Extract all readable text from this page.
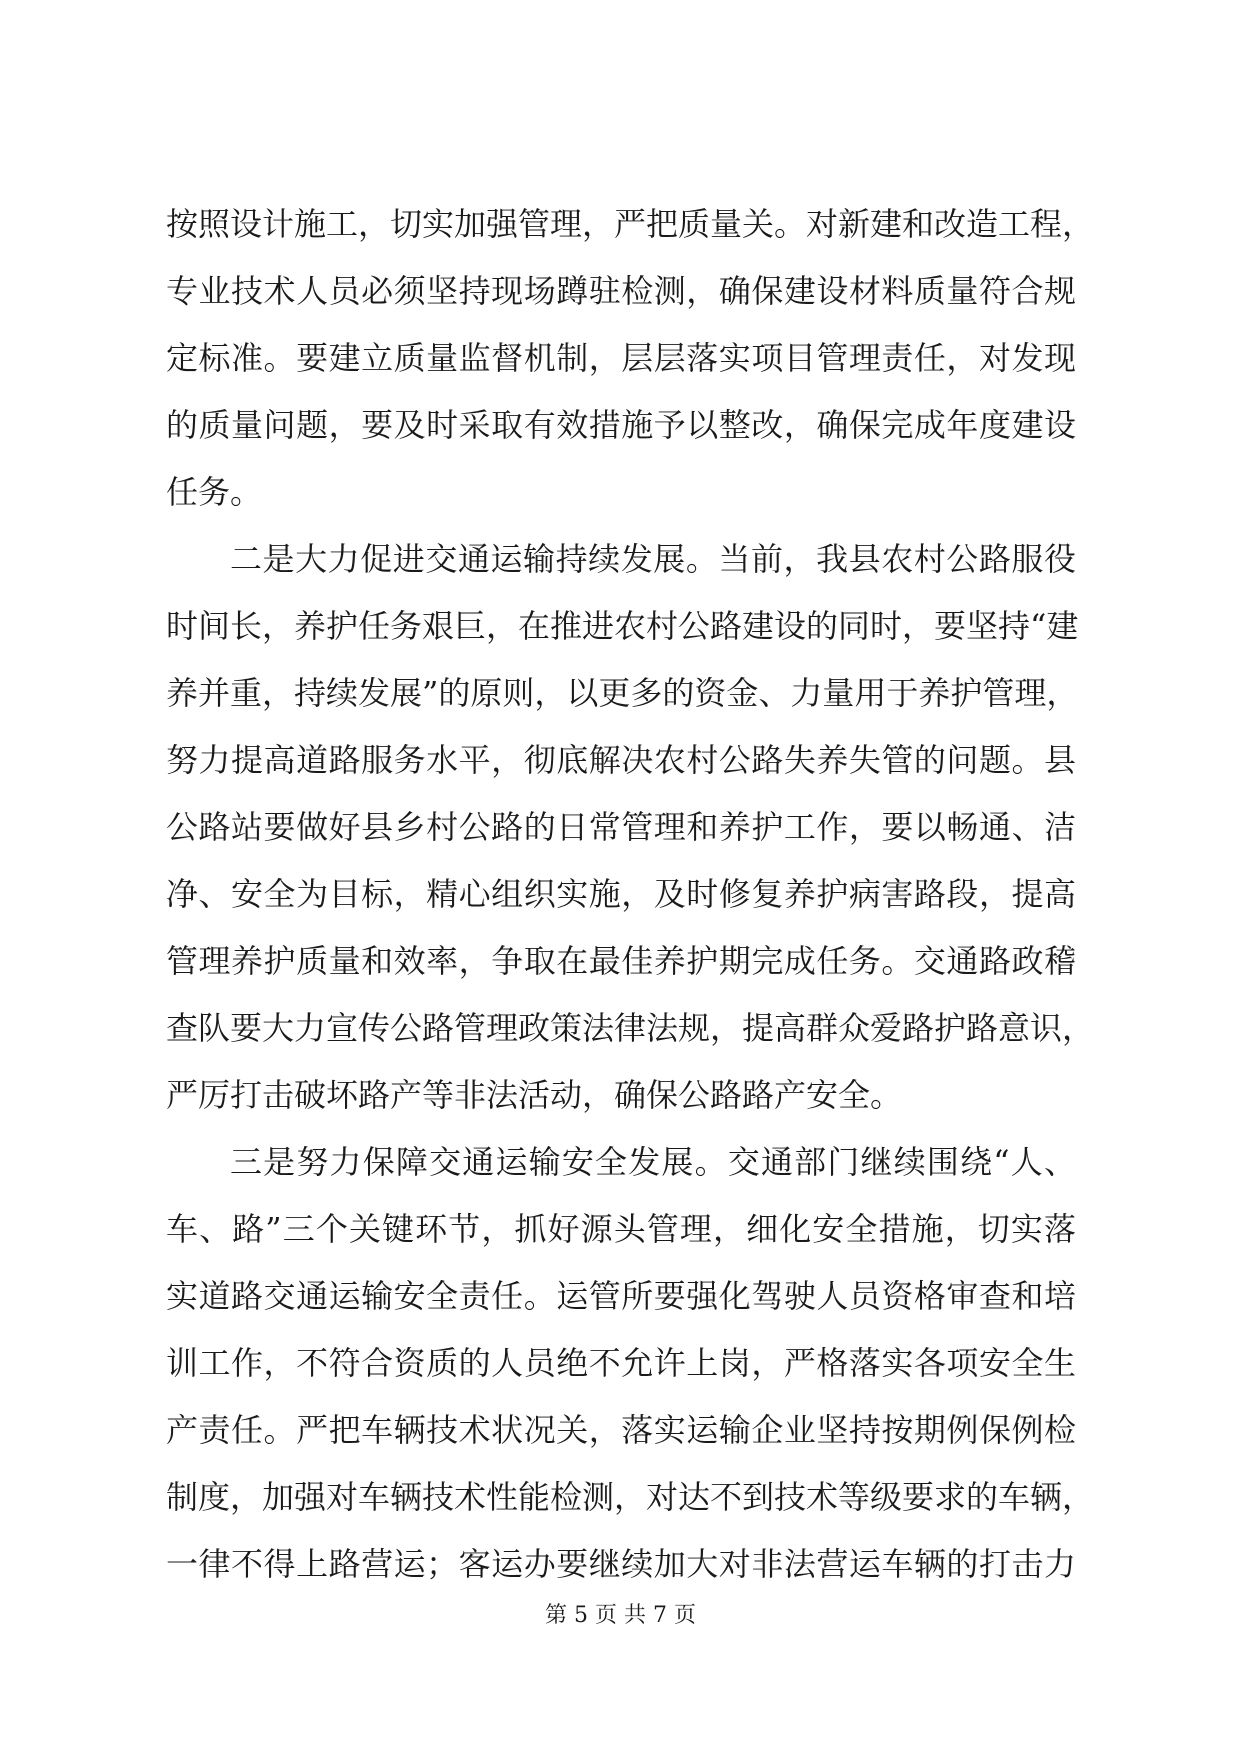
按照设计施工，切实加强管理，严把质量关。对新建和改造工程，
专业技术人员必须坚持现场蹲驻检测，确保建设材料质量符合规
定标准。要建立质量监督机制，层层落实项目管理责任，对发现
的质量问题，要及时采取有效措施予以整改，确保完成年度建设
任务。
二是大力促进交通运输持续发展。当前，我县农村公路服役
时间长，养护任务艰巨，在推进农村公路建设的同时，要坚持“建
养并重，持续发展”的原则，以更多的资金、力量用于养护管理，
努力提高道路服务水平，彻底解决农村公路失养失管的问题。县
公路站要做好县乡村公路的日常管理和养护工作，要以畅通、洁
净、安全为目标，精心组织实施，及时修复养护病害路段，提高
管理养护质量和效率，争取在最佳养护期完成任务。交通路政稽
查队要大力宣传公路管理政策法律法规，提高群众爱路护路意识，
严厉打击破坏路产等非法活动，确保公路路产安全。
三是努力保障交通运输安全发展。交通部门继续围绕“人、
车、路”三个关键环节，抓好源头管理，细化安全措施，切实落
实道路交通运输安全责任。运管所要强化驾驶人员资格审查和培
训工作，不符合资质的人员绝不允许上岗，严格落实各项安全生
产责任。严把车辆技术状况关，落实运输企业坚持按期例保例检
制度，加强对车辆技术性能检测，对达不到技术等级要求的车辆，
一律不得上路营运；客运办要继续加大对非法营运车辆的打击力
第 5 页 共 7 页
